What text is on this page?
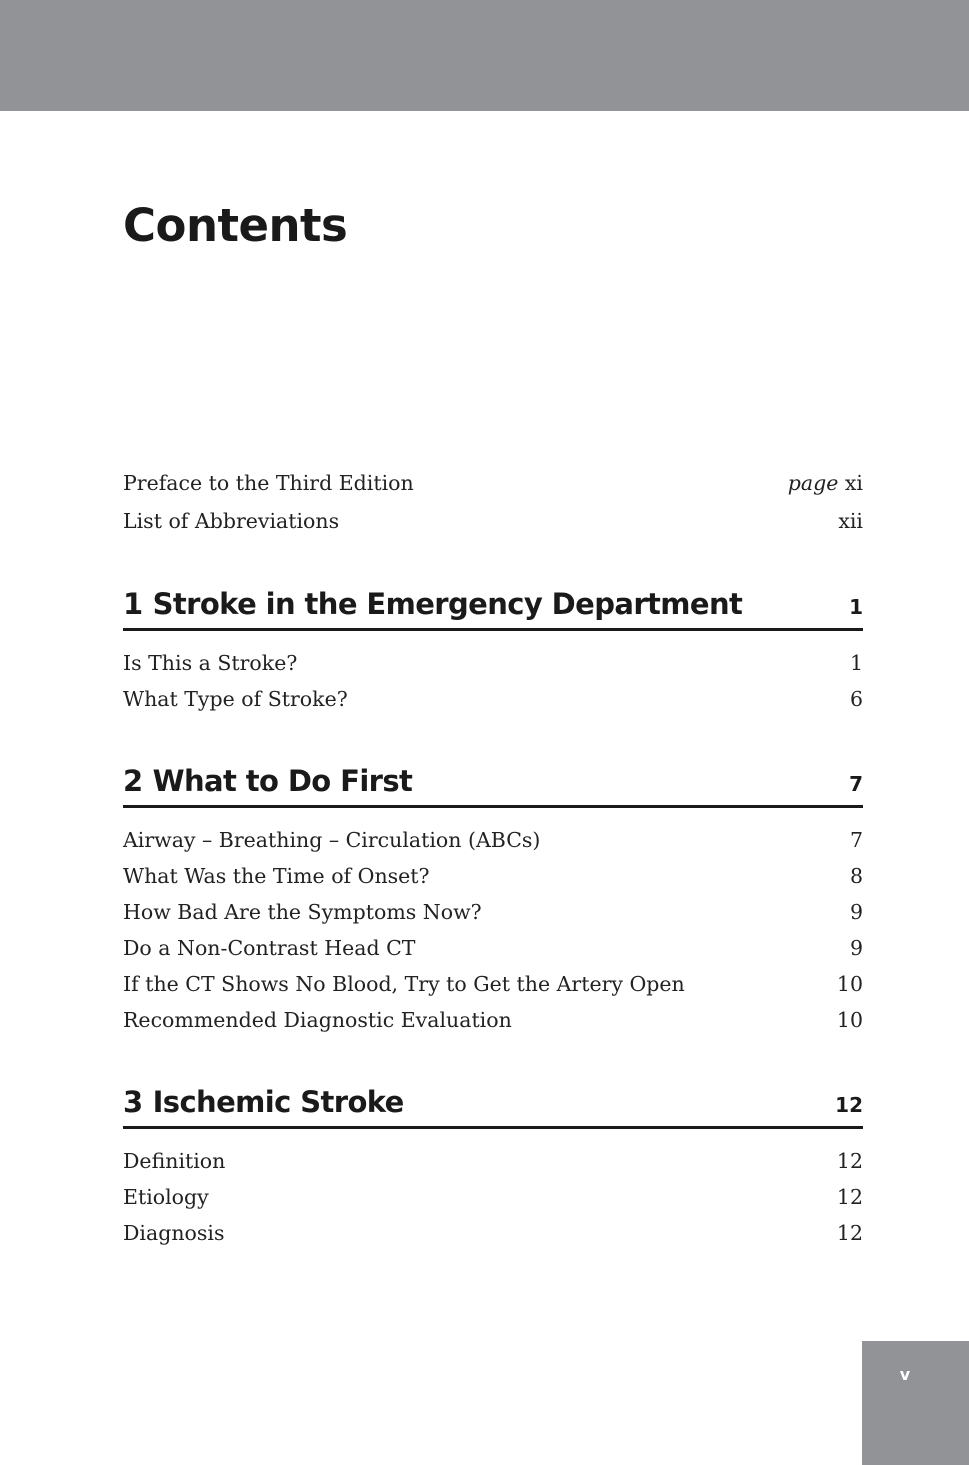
Contents
Preface to the Third Edition	page xi
List of Abbreviations	xii
1 Stroke in the Emergency Department	1
Is This a Stroke?	1
What Type of Stroke?	6
2 What to Do First	7
Airway – Breathing – Circulation (ABCs)	7
What Was the Time of Onset?	8
How Bad Are the Symptoms Now?	9
Do a Non-Contrast Head CT	9
If the CT Shows No Blood, Try to Get the Artery Open	10
Recommended Diagnostic Evaluation	10
3 Ischemic Stroke	12
Definition	12
Etiology	12
Diagnosis	12
v
